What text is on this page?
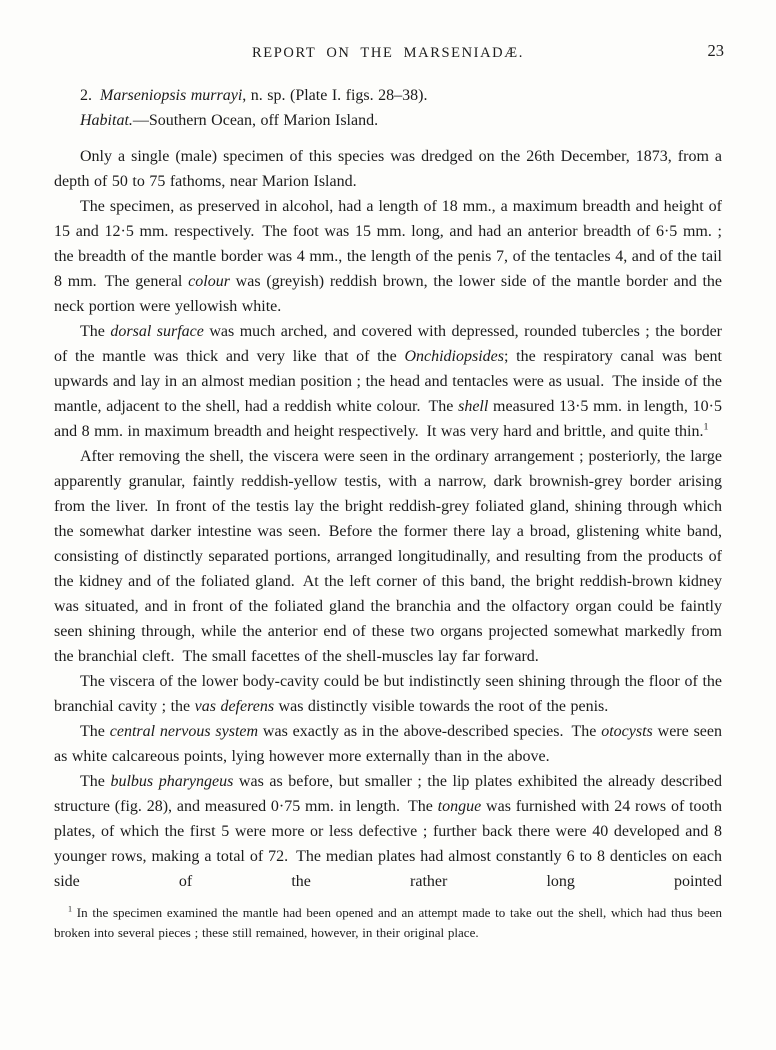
REPORT ON THE MARSENIADÆ.	23

2. Marseniopsis murrayi, n. sp. (Plate I. figs. 28–38).

Habitat.—Southern Ocean, off Marion Island.

Only a single (male) specimen of this species was dredged on the 26th December, 1873, from a depth of 50 to 75 fathoms, near Marion Island.

The specimen, as preserved in alcohol, had a length of 18 mm., a maximum breadth and height of 15 and 12·5 mm. respectively. The foot was 15 mm. long, and had an anterior breadth of 6·5 mm. ; the breadth of the mantle border was 4 mm., the length of the penis 7, of the tentacles 4, and of the tail 8 mm. The general colour was (greyish) reddish brown, the lower side of the mantle border and the neck portion were yellowish white.

The dorsal surface was much arched, and covered with depressed, rounded tubercles ; the border of the mantle was thick and very like that of the Onchidiopsides; the respiratory canal was bent upwards and lay in an almost median position ; the head and tentacles were as usual. The inside of the mantle, adjacent to the shell, had a reddish white colour. The shell measured 13·5 mm. in length, 10·5 and 8 mm. in maximum breadth and height respectively. It was very hard and brittle, and quite thin.$^1$

After removing the shell, the viscera were seen in the ordinary arrangement ; posteriorly, the large apparently granular, faintly reddish-yellow testis, with a narrow, dark brownish-grey border arising from the liver. In front of the testis lay the bright reddish-grey foliated gland, shining through which the somewhat darker intestine was seen. Before the former there lay a broad, glistening white band, consisting of distinctly separated portions, arranged longitudinally, and resulting from the products of the kidney and of the foliated gland. At the left corner of this band, the bright reddish-brown kidney was situated, and in front of the foliated gland the branchia and the olfactory organ could be faintly seen shining through, while the anterior end of these two organs projected somewhat markedly from the branchial cleft. The small facettes of the shell-muscles lay far forward.

The viscera of the lower body-cavity could be but indistinctly seen shining through the floor of the branchial cavity ; the vas deferens was distinctly visible towards the root of the penis.

The central nervous system was exactly as in the above-described species. The otocysts were seen as white calcareous points, lying however more externally than in the above.

The bulbus pharyngeus was as before, but smaller ; the lip plates exhibited the already described structure (fig. 28), and measured 0·75 mm. in length. The tongue was furnished with 24 rows of tooth plates, of which the first 5 were more or less defective ; further back there were 40 developed and 8 younger rows, making a total of 72. The median plates had almost constantly 6 to 8 denticles on each side of the rather long pointed

$^1$ In the specimen examined the mantle had been opened and an attempt made to take out the shell, which had thus been broken into several pieces ; these still remained, however, in their original place.
